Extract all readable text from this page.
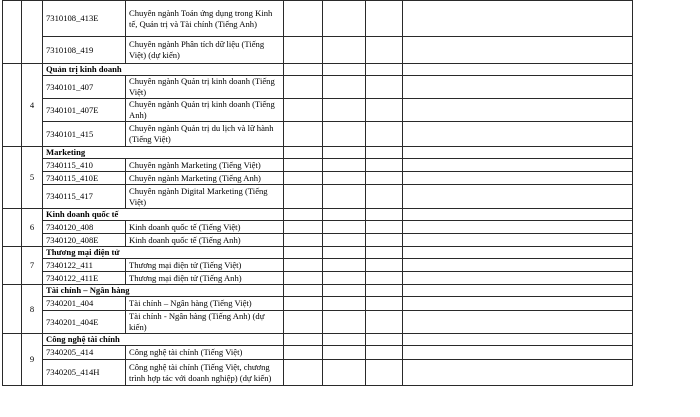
		7310108_413E	Chuyên ngành Toán ứng dụng trong Kinh tế, Quản trị và Tài chính (Tiếng Anh)				
		7310108_419	Chuyên ngành Phân tích dữ liệu (Tiếng Việt) (dự kiến)				
	4	Quản trị kinh doanh					
		7340101_407	Chuyên ngành Quản trị kinh doanh (Tiếng Việt)				
		7340101_407E	Chuyên ngành Quản trị kinh doanh (Tiếng Anh)				
		7340101_415	Chuyên ngành Quản trị du lịch và lữ hành (Tiếng Việt)				
	5	Marketing					
		7340115_410	Chuyên ngành Marketing (Tiếng Việt)				
		7340115_410E	Chuyên ngành Marketing (Tiếng Anh)				
		7340115_417	Chuyên ngành Digital Marketing (Tiếng Việt)				
	6	Kinh doanh quốc tế					
		7340120_408	Kinh doanh quốc tế (Tiếng Việt)				
		7340120_408E	Kinh doanh quốc tế (Tiếng Anh)				
	7	Thương mại điện tử					
		7340122_411	Thương mại điện tử (Tiếng Việt)				
		7340122_411E	Thương mại điện tử (Tiếng Anh)				
	8	Tài chính – Ngân hàng					
		7340201_404	Tài chính – Ngân hàng (Tiếng Việt)				
		7340201_404E	Tài chính - Ngân hàng (Tiếng Anh) (dự kiến)				
	9	Công nghệ tài chính					
		7340205_414	Công nghệ tài chính (Tiếng Việt)				
		7340205_414H	Công nghệ tài chính (Tiếng Việt, chương trình hợp tác với doanh nghiệp) (dự kiến)				
